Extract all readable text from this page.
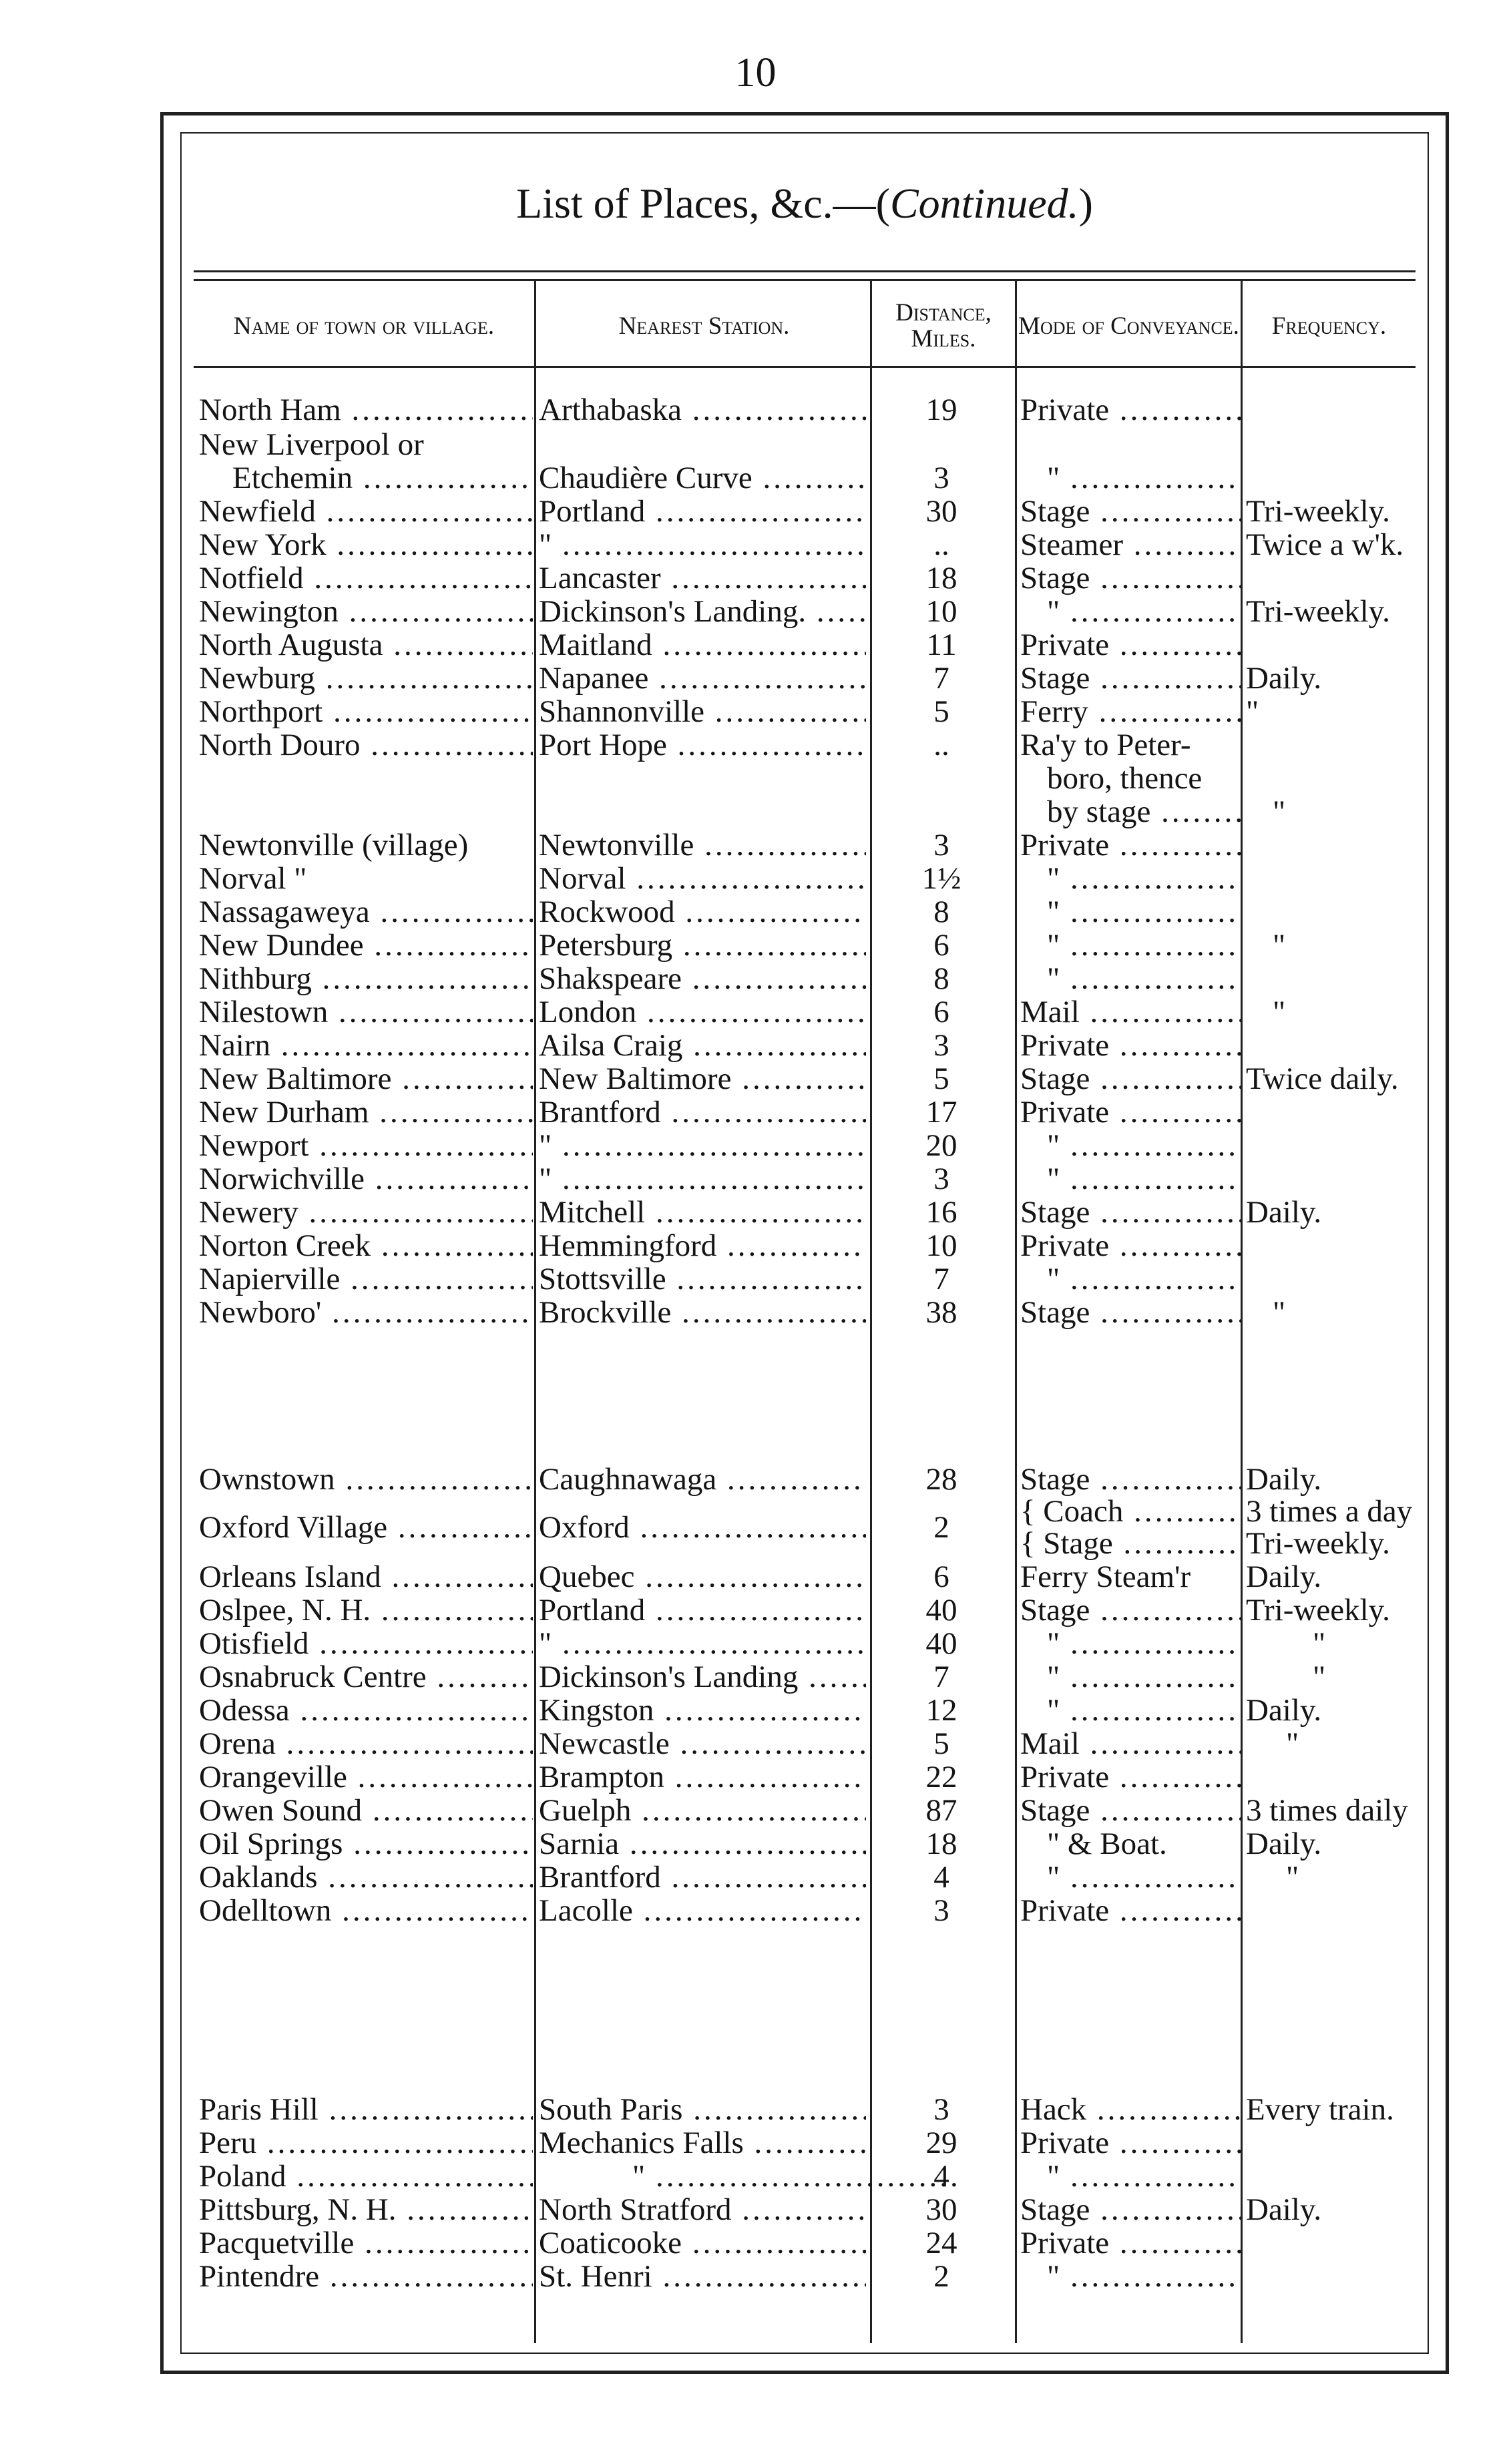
10
List of Places, &c.—(Continued.)
Name of town or village.	Nearest Station.	Distance, Miles.	Mode of Conveyance.	Frequency.
North Ham .....	Arthabaska .....	19	Private .....
New Liverpool or
Etchemin .....	Chaudière Curve .....	3	" .....
Newfield .....	Portland .....	30	Stage .....	Tri-weekly.
New York .....	" .....	..	Steamer .....	Twice a w'k.
Notfield .....	Lancaster .....	18	Stage .....
Newington .....	Dickinson's Landing. .....	10	" .....	Tri-weekly.
North Augusta .....	Maitland .....	11	Private .....
Newburg .....	Napanee .....	7	Stage .....	Daily.
Northport .....	Shannonville .....	5	Ferry .....	"
North Douro .....	Port Hope .....	..	Ra'y to Peter-
boro, thence
by stage .....	"
Newtonville (village)	Newtonville .....	3	Private .....
Norval "	Norval .....	1½	" .....
Nassagaweya .....	Rockwood .....	8	" .....
New Dundee .....	Petersburg .....	6	" .....	"
Nithburg .....	Shakspeare .....	8	" .....
Nilestown .....	London .....	6	Mail .....	"
Nairn .....	Ailsa Craig .....	3	Private .....
New Baltimore .....	New Baltimore .....	5	Stage .....	Twice daily.
New Durham .....	Brantford .....	17	Private .....
Newport .....	" .....	20	" .....
Norwichville .....	" .....	3	" .....
Newery .....	Mitchell .....	16	Stage .....	Daily.
Norton Creek .....	Hemmingford .....	10	Private .....
Napierville .....	Stottsville .....	7	" .....
Newboro' .....	Brockville .....	38	Stage .....	"
Ownstown .....	Caughnawaga .....	28	Stage .....	Daily.
{ Coach .....	3 times a day
Oxford Village .....	Oxford .....	2	{ Stage .....	Tri-weekly.
Orleans Island .....	Quebec .....	6	Ferry Steam'r	Daily.
Oslpee, N. H. .....	Portland .....	40	Stage .....	Tri-weekly.
Otisfield .....	" .....	40	" .....	"
Osnabruck Centre .....	Dickinson's Landing .....	7	" .....	"
Odessa .....	Kingston .....	12	" .....	Daily.
Orena .....	Newcastle .....	5	Mail .....	"
Orangeville .....	Brampton .....	22	Private .....
Owen Sound .....	Guelph .....	87	Stage .....	3 times daily
Oil Springs .....	Sarnia .....	18	" & Boat.	Daily.
Oaklands .....	Brantford .....	4	" .....	"
Odelltown .....	Lacolle .....	3	Private .....
Paris Hill .....	South Paris .....	3	Hack .....	Every train.
Peru .....	Mechanics Falls .....	29	Private .....
Poland .....	" .....	4	" .....
Pittsburg, N. H. .....	North Stratford .....	30	Stage .....	Daily.
Pacquetville .....	Coaticooke .....	24	Private .....
Pintendre .....	St. Henri .....	2	" .....
